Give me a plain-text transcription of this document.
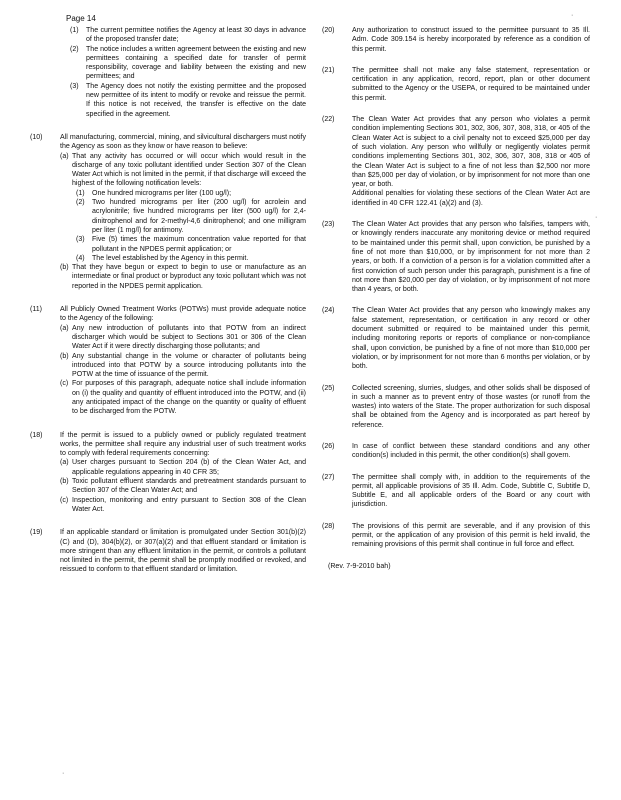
Page 14
(1) The current permittee notifies the Agency at least 30 days in advance of the proposed transfer date;

(2) The notice includes a written agreement between the existing and new permittees containing a specified date for transfer of permit responsibility, coverage and liability between the existing and new permittees; and

(3) The Agency does not notify the existing permittee and the proposed new permittee of its intent to modify or revoke and reissue the permit. If this notice is not received, the transfer is effective on the date specified in the agreement.

(10) All manufacturing, commercial, mining, and silvicultural dischargers must notify the Agency as soon as they know or have reason to believe:

(a) That any activity has occurred or will occur which would result in the discharge of any toxic pollutant identified under Section 307 of the Clean Water Act which is not limited in the permit, if that discharge will exceed the highest of the following notification levels:

(1) One hundred micrograms per liter (100 ug/l);

(2) Two hundred micrograms per liter (200 ug/l) for acrolein and acrylonitrile; five hundred micrograms per liter (500 ug/l) for 2,4-dinitrophenol and for 2-methyl-4,6 dinitrophenol; and one milligram per liter (1 mg/l) for antimony.

(3) Five (5) times the maximum concentration value reported for that pollutant in the NPDES permit application; or

(4) The level established by the Agency in this permit.

(b) That they have begun or expect to begin to use or manufacture as an intermediate or final product or byproduct any toxic pollutant which was not reported in the NPDES permit application.

(11)	All Publicly Owned Treatment Works (POTWs) must provide adequate notice to the Agency of the following:

(a) Any new introduction of pollutants into that POTW from an indirect discharger which would be subject to Sections 301 or 306 of the Clean Water Act if it were directly discharging those pollutants; and

(b) Any substantial change in the volume or character of pollutants being introduced into that POTW by a source introducing pollutants into the POTW at the time of issuance of the permit.

(c) For purposes of this paragraph, adequate notice shall include information on (i) the quality and quantity of effluent introduced into the POTW, and (ii) any anticipated impact of the change on the quantity or quality of effluent to be discharged from the POTW.

(18) If the permit is issued to a publicly owned or publicly regulated treatment works, the permittee shall require any industrial user of such treatment works to comply with federal requirements concerning:

(a) User charges pursuant to Section 204 (b) of the Clean Water Act, and applicable regulations appearing in 40 CFR 35;

(b) Toxic pollutant effluent standards and pretreatment standards pursuant to Section 307 of the Clean Water Act; and

(c) Inspection, monitoring and entry pursuant to Section 308 of the Clean Water Act.

(19) If an applicable standard or limitation is promulgated under Section 301(b)(2)(C) and (D), 304(b)(2), or 307(a)(2) and that effluent standard or limitation is more stringent than any effluent limitation in the permit, or controls a pollutant not limited in the permit, the permit shall be promptly modified or revoked, and reissued to conform to that effluent standard or limitation.

(20) Any authorization to construct issued to the permittee pursuant to 35 Ill. Adm. Code 309.154 is hereby incorporated by reference as a condition of this permit.

(21) The permittee shall not make any false statement, representation or certification in any application, record, report, plan or other document submitted to the Agency or the USEPA, or required to be maintained under this permit.

(22) The Clean Water Act provides that any person who violates a permit condition implementing Sections 301, 302, 306, 307, 308, 318, or 405 of the Clean Water Act is subject to a civil penalty not to exceed $25,000 per day of such violation. Any person who willfully or negligently violates permit conditions implementing Sections 301, 302, 306, 307, 308, 318 or 405 of the Clean Water Act is subject to a fine of not less than $2,500 nor more than $25,000 per day of violation, or by imprisonment for not more than one year, or both.

Additional penalties for violating these sections of the Clean Water Act are identified in 40 CFR 122.41 (a)(2) and (3).

(23) The Clean Water Act provides that any person who falsifies, tampers with, or knowingly renders inaccurate any monitoring device or method required to be maintained under this permit shall, upon conviction, be punished by a fine of not more than $10,000, or by imprisonment for not more than 2 years, or both. If a conviction of a person is for a violation committed after a first conviction of such person under this paragraph, punishment is a fine of not more than $20,000 per day of violation, or by imprisonment of not more than 4 years, or both.

(24) The Clean Water Act provides that any person who knowingly makes any false statement, representation, or certification in any record or other document submitted or required to be maintained under this permit, including monitoring reports or reports of compliance or non-compliance shall, upon conviction, be punished by a fine of not more than $10,000 per violation, or by imprisonment for not more than 6 months per violation, or by both.

(25) Collected screening, slurries, sludges, and other solids shall be disposed of in such a manner as to prevent entry of those wastes (or runoff from the wastes) into waters of the State. The proper authorization for such disposal shall be obtained from the Agency and is incorporated as part hereof by reference.

(26) In case of conflict between these standard conditions and any other condition(s) included in this permit, the other condition(s) shall govern.

(27) The permittee shall comply with, in addition to the requirements of the permit, all applicable provisions of 35 Ill. Adm. Code, Subtitle C, Subtitle D, Subtitle E, and all applicable orders of the Board or any court with jurisdiction.

(28) The provisions of this permit are severable, and if any provision of this permit, or the application of any provision of this permit is held invalid, the remaining provisions of this permit shall continue in full force and effect.

(Rev. 7-9-2010 bah)

·
·
·
